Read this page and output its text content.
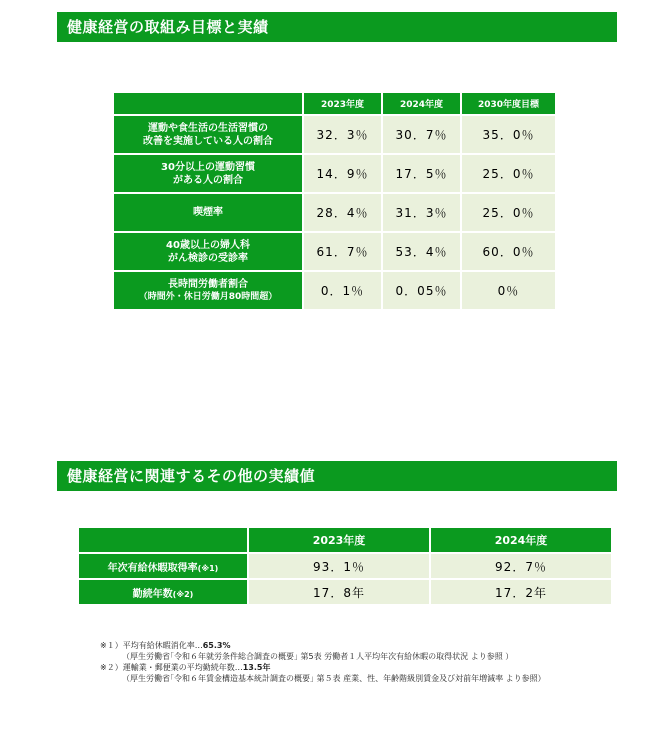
健康経営の取組み目標と実績
	2023年度	2024年度	2030年度目標

運動や食生活の生活習慣の
改善を実施している人の割合	32．3％	30．7％	35．0％

30分以上の運動習慣
がある人の割合	14．9％	17．5％	25．0％

喫煙率	28．4％	31．3％	25．0％

40歳以上の婦人科
がん検診の受診率	61．7％	53．4％	60．0％

長時間労働者割合
（時間外・休日労働月80時間超）	0．1％	0．05％	0％
健康経営に関連するその他の実績値
	2023年度	2024年度
年次有給休暇取得率(※1)	93．1％	92．7％
勤続年数(※2)	17．8年	17．2年
※１）平均有給休暇消化率…65.3%
（厚生労働省｢令和６年就労条件総合調査の概要｣ 第5表 労働者１人平均年次有給休暇の取得状況 より参照 ）
※２）運輸業・郵便業の平均勤続年数…13.5年
（厚生労働省｢令和６年賃金構造基本統計調査の概要｣ 第５表 産業、性、年齢階級別賃金及び対前年増減率 より参照）
